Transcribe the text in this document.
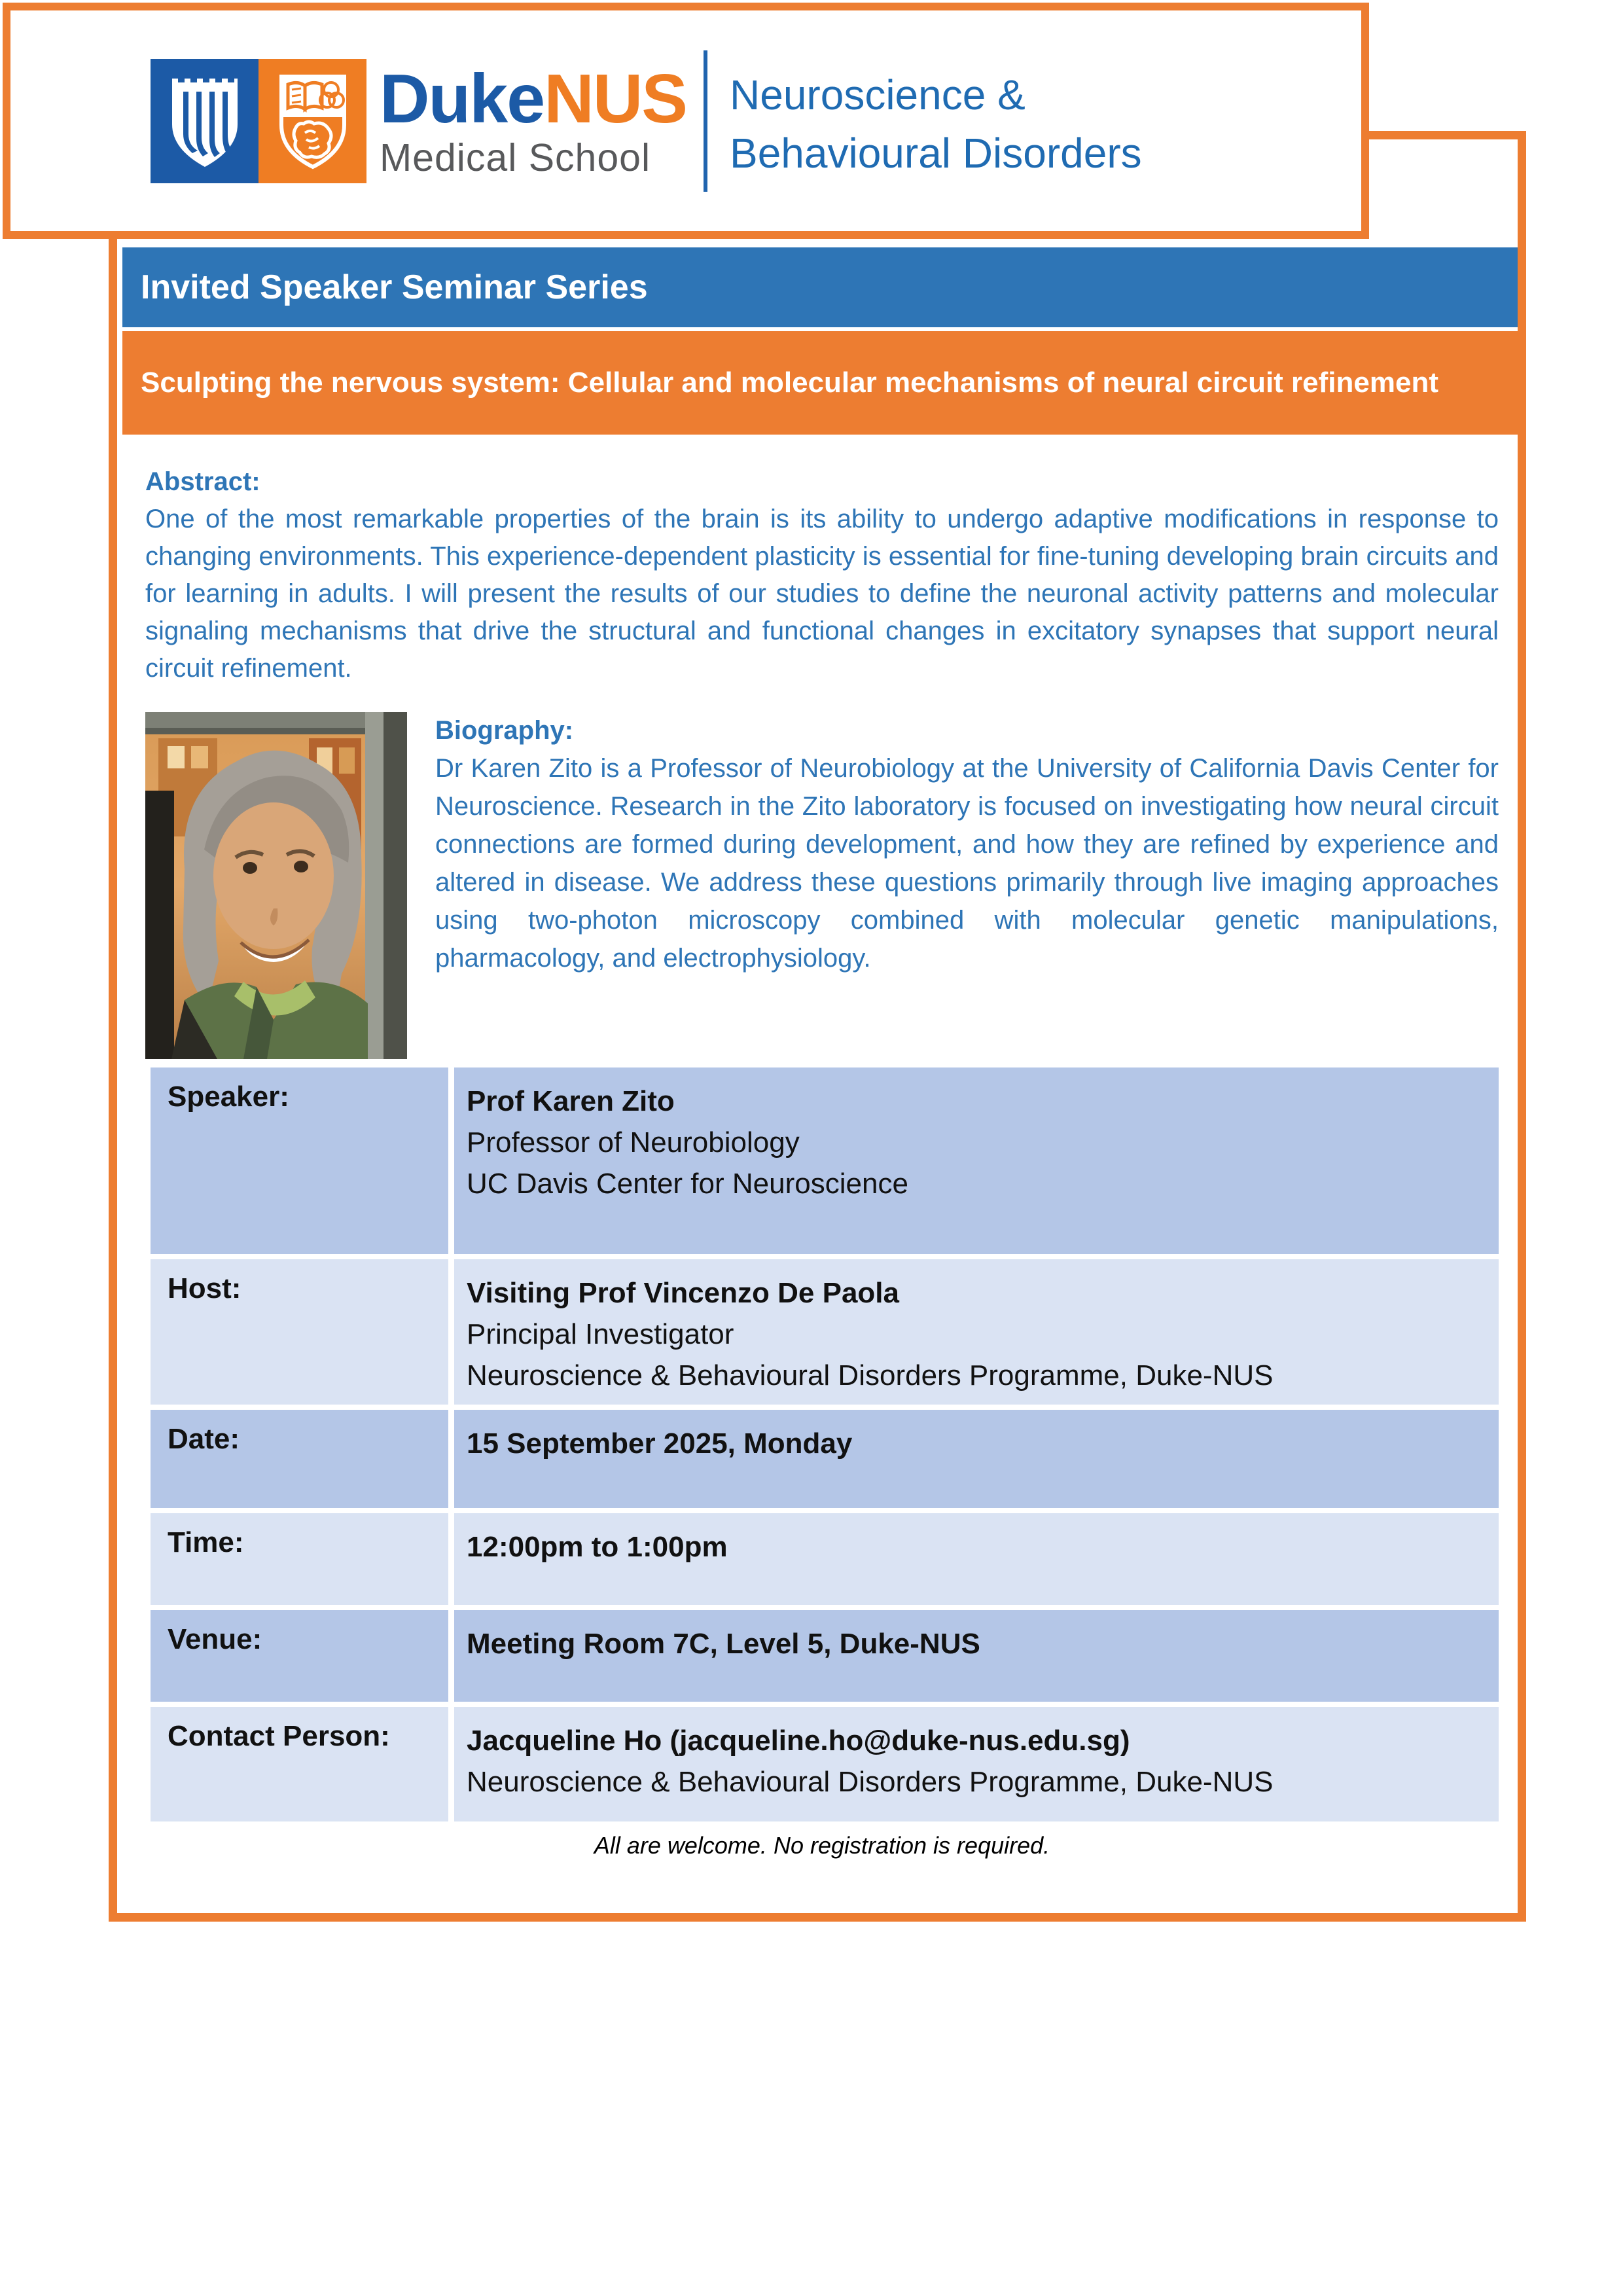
Invited Speaker Seminar Series
Sculpting the nervous system: Cellular and molecular mechanisms of neural circuit refinement
Abstract:

One of the most remarkable properties of the brain is its ability to undergo adaptive modifications in response to changing environments. This experience-dependent plasticity is essential for fine-tuning developing brain circuits and for learning in adults. I will present the results of our studies to define the neuronal activity patterns and molecular signaling mechanisms that drive the structural and functional changes in excitatory synapses that support neural circuit refinement.

Biography:

Dr Karen Zito is a Professor of Neurobiology at the University of California Davis Center for Neuroscience. Research in the Zito laboratory is focused on investigating how neural circuit connections are formed during development, and how they are refined by experience and altered in disease. We address these questions primarily through live imaging approaches using two-photon microscopy combined with molecular genetic manipulations, pharmacology, and electrophysiology.

Speaker:	Prof Karen Zito
Professor of Neurobiology
UC Davis Center for Neuroscience
Host:	Visiting Prof Vincenzo De Paola
Principal Investigator
Neuroscience & Behavioural Disorders Programme, Duke-NUS
Date:	15 September 2025, Monday
Time:	12:00pm to 1:00pm
Venue:	Meeting Room 7C, Level 5, Duke-NUS
Contact Person:	Jacqueline Ho (jacqueline.ho@duke-nus.edu.sg)
Neuroscience & Behavioural Disorders Programme, Duke-NUS
All are welcome. No registration is required.
DukeNUS
Medical School
Neuroscience &
Behavioural Disorders
